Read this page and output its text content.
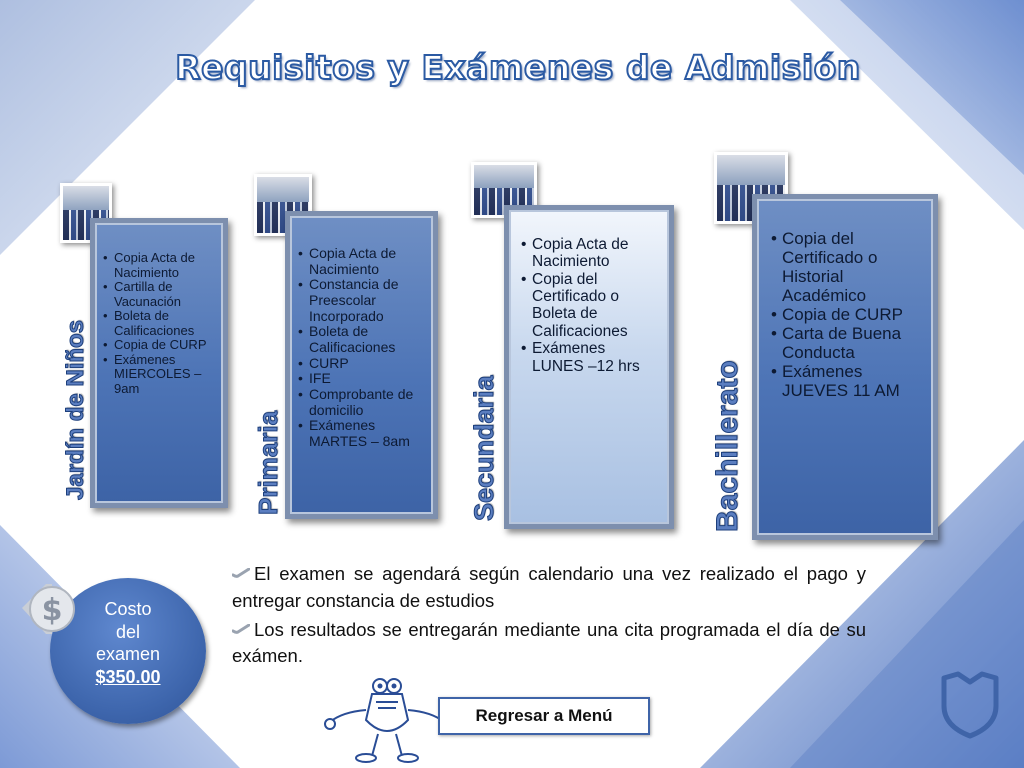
Requisitos y Exámenes de Admisión
• Copia Acta de Nacimiento
• Cartilla de Vacunación
• Boleta de Calificaciones
• Copia de CURP
• Exámenes MIERCOLES – 9am
Jardín de Niños
• Copia Acta de Nacimiento
• Constancia de Preescolar Incorporado
• Boleta de Calificaciones
• CURP
• IFE
• Comprobante de domicilio
• Exámenes MARTES – 8am
Primaria
• Copia Acta de Nacimiento
• Copia del Certificado o Boleta de Calificaciones
• Exámenes LUNES –12 hrs
Secundaria
• Copia del Certificado o Historial Académico
• Copia de CURP
• Carta de Buena Conducta
• Exámenes JUEVES 11 AM
Bachillerato

El examen se agendará según calendario una vez realizado el pago y entregar constancia de estudios

Los resultados se entregarán mediante una cita programada el día de su exámen.

Costo
del
examen
$350.00
$
Regresar a Menú
